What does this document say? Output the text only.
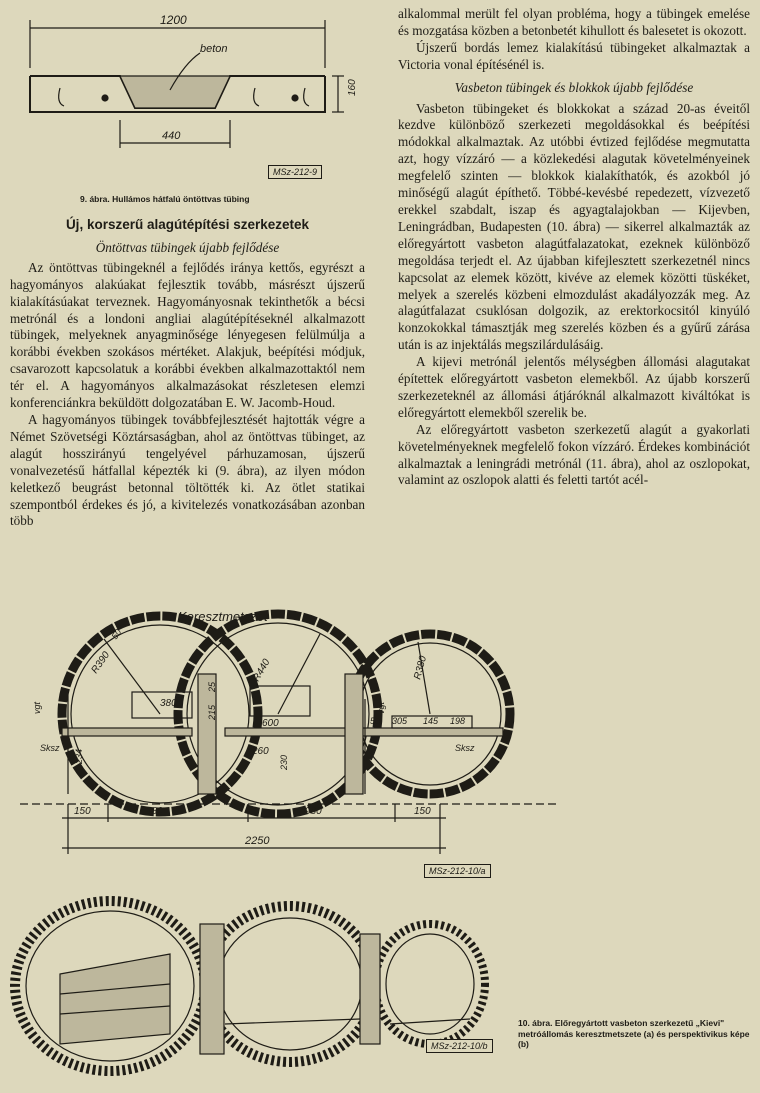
1200
beton
160
440
MSz-212-9
9. ábra. Hullámos hátfalú öntöttvas tübing
Új, korszerű alagútépítési szerkezetek
Öntöttvas tübingek újabb fejlődése

Az öntöttvas tübingeknél a fejlődés iránya kettős, egyrészt a hagyományos alakúakat fejlesztik tovább, másrészt újszerű kialakításúakat terveznek. Hagyományosnak tekinthetők a bécsi metrónál és a londoni angliai alagútépítéseknél alkalmazott tübingek, melyeknek anyagminősége lényegesen felülmúlja a korábbi években szokásos mértéket. Alakjuk, beépítési módjuk, csavarozott kapcsolatuk a korábbi években alkalmazottaktól nem tér el. A hagyományos alkalmazásokat részletesen elemzi konferenciánkra beküldött dolgozatában E. W. Jacomb-Houd.

A hagyományos tübingek továbbfejlesztését hajtották végre a Német Szövetségi Köztársaságban, ahol az öntöttvas tübinget, az alagút hosszirányú tengelyével párhuzamosan, újszerű vonalvezetésű hátfallal képezték ki (9. ábra), az ilyen módon keletkező beugrást betonnal töltötték ki. Az ötlet statikai szempontból érdekes és jó, a kivitelezés vonatkozásában azonban több

alkalommal merült fel olyan probléma, hogy a tübingek emelése és mozgatása közben a betonbetét kihullott és balesetet is okozott.

Újszerű bordás lemez kialakítású tübingeket alkalmaztak a Victoria vonal építésénél is.

Vasbeton tübingek és blokkok újabb fejlődése

Vasbeton tübingeket és blokkokat a század 20-as éveitől kezdve különböző szerkezeti megoldásokkal és beépítési módokkal alkalmaztak. Az utóbbi évtized fejlődése megmutatta azt, hogy vízzáró — a közlekedési alagutak követelményeinek megfelelő szinten — blokkok kialakíthatók, és azokból jó minőségű alagút építhető. Többé-kevésbé repedezett, vízvezető erekkel szabdalt, iszap és agyagtalajokban — Kijevben, Leningrádban, Budapesten (10. ábra) — sikerrel alkalmazták az előregyártott vasbeton alagútfalazatokat, ezeknek különböző megoldása terjedt el. Az újabban kifejlesztett szerkezetnél nincs kapcsolat az elemek között, kivéve az elemek közötti tüskéket, melyek a szerelés közbeni elmozdulást akadályozzák meg. Az alagútfalazat csuklósan dolgozik, az erektorkocsitól kinyúló konzokokkal támasztják meg szerelés közben és a gyűrű zárása után is az injektálás megszilárdulásáig.

A kijevi metrónál jelentős mélységben állomási alagutakat építettek előregyártott vasbeton elemekből. Az újabb korszerű szerkezeteknél az állomási átjáróknál alkalmazott kiváltókat is előregyártott elemekből szerelik be.

Az előregyártott vasbeton szerkezetű alagút a gyakorlati követelményeknek megfelelő fokon vízzáró. Érdekes kombinációt alkalmaztak a leningrádi metrónál (11. ábra), ahol az oszlopokat, valamint az oszlopok alatti és feletti tartót acél-

Keresztmetszet
R390	R440	R380
50
380
25
215
600
260
230
234
vgt	vgt
Sksz	Sksz
50 305 145 198
150	980	980	150
2250
MSz-212-10/a
MSz-212-10/b
10. ábra. Előregyártott vasbeton szerkezetű „Kievi" metróállomás keresztmetszete (a) és perspektivikus képe (b)
